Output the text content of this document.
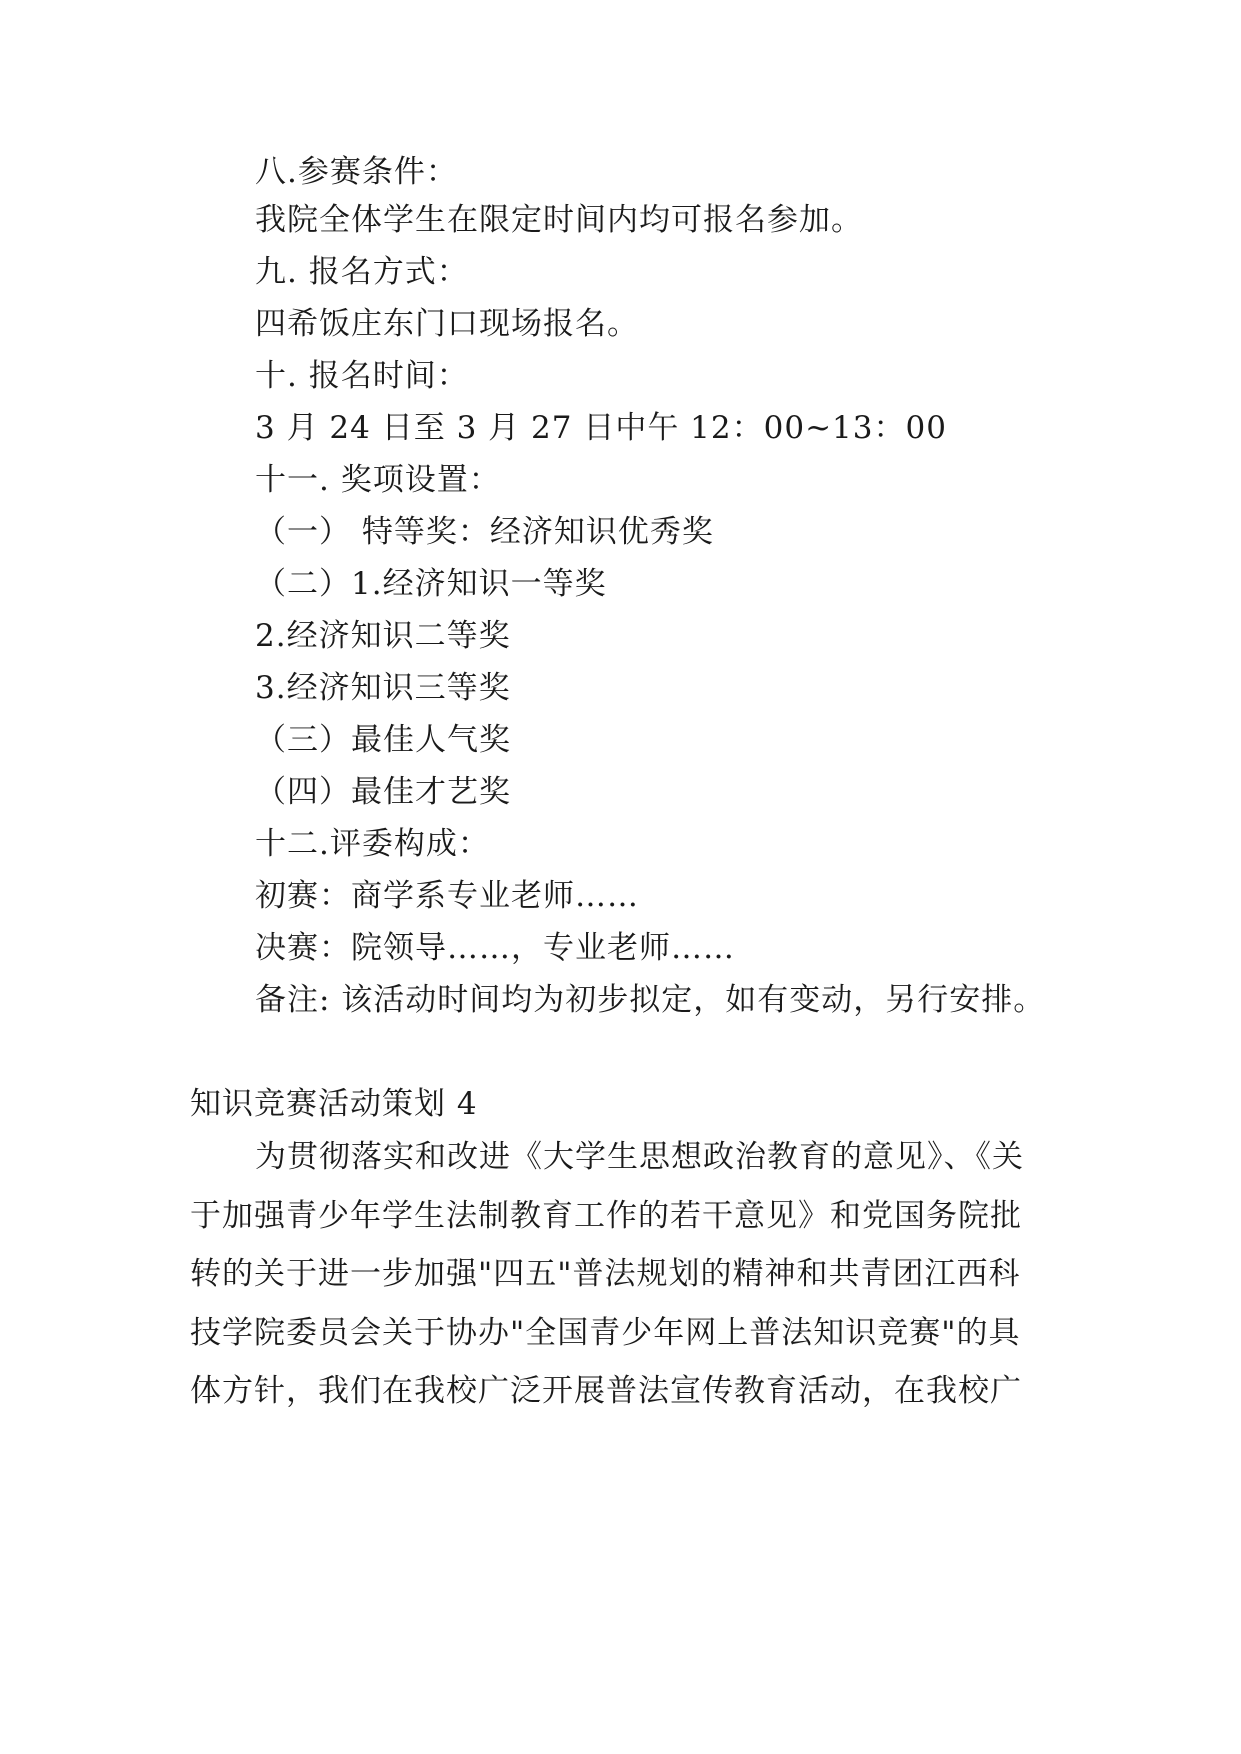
八.参赛条件：
我院全体学生在限定时间内均可报名参加。
九. 报名方式：
四希饭庄东门口现场报名。
十. 报名时间：
3 月 24 日至 3 月 27 日中午 12：00~13：00
十一. 奖项设置：
（一） 特等奖：经济知识优秀奖
（二）1.经济知识一等奖
2.经济知识二等奖
3.经济知识三等奖
（三）最佳人气奖
（四）最佳才艺奖
十二.评委构成：
初赛：商学系专业老师……
决赛：院领导……，专业老师……
备注: 该活动时间均为初步拟定，如有变动，另行安排。
知识竞赛活动策划 4
为贯彻落实和改进《大学生思想政治教育的意见》、《关
于加强青少年学生法制教育工作的若干意见》和党国务院批
转的关于进一步加强"四五"普法规划的精神和共青团江西科
技学院委员会关于协办"全国青少年网上普法知识竞赛"的具
体方针，我们在我校广泛开展普法宣传教育活动，在我校广
